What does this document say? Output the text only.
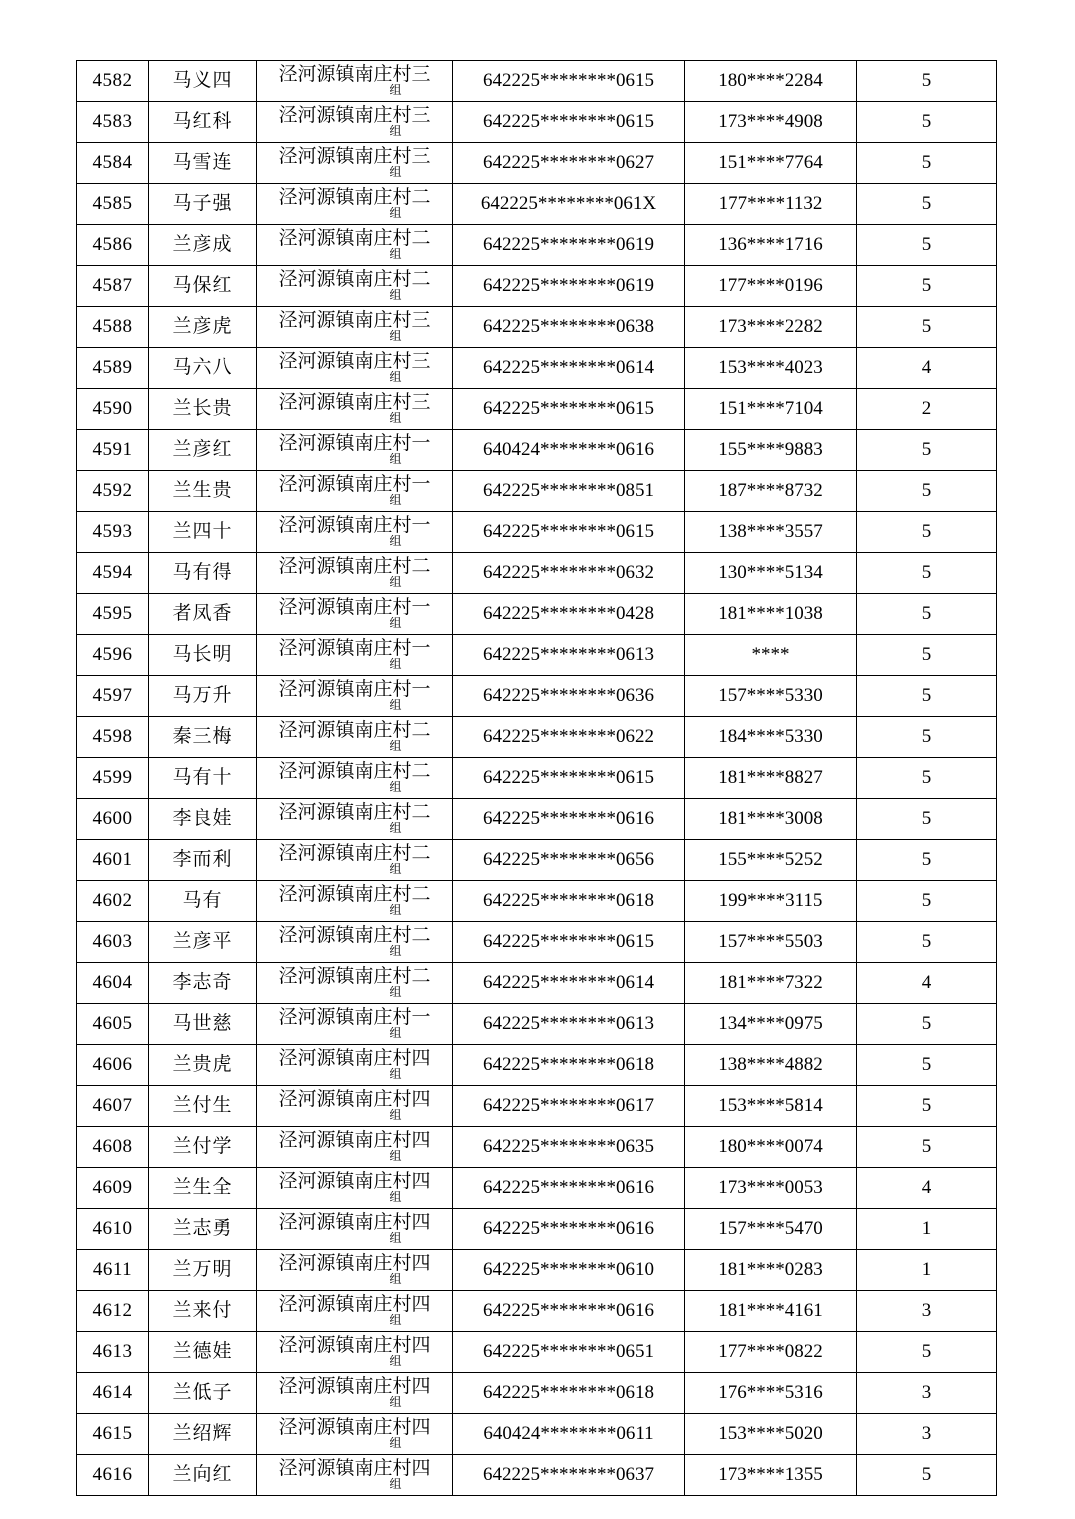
4582	马义四	泾河源镇南庄村三
组	642225********0615	180****2284	5
4583	马红科	泾河源镇南庄村三
组	642225********0615	173****4908	5
4584	马雪连	泾河源镇南庄村三
组	642225********0627	151****7764	5
4585	马子强	泾河源镇南庄村二
组	642225********061X	177****1132	5
4586	兰彦成	泾河源镇南庄村二
组	642225********0619	136****1716	5
4587	马保红	泾河源镇南庄村二
组	642225********0619	177****0196	5
4588	兰彦虎	泾河源镇南庄村三
组	642225********0638	173****2282	5
4589	马六八	泾河源镇南庄村三
组	642225********0614	153****4023	4
4590	兰长贵	泾河源镇南庄村三
组	642225********0615	151****7104	2
4591	兰彦红	泾河源镇南庄村一
组	640424********0616	155****9883	5
4592	兰生贵	泾河源镇南庄村一
组	642225********0851	187****8732	5
4593	兰四十	泾河源镇南庄村一
组	642225********0615	138****3557	5
4594	马有得	泾河源镇南庄村二
组	642225********0632	130****5134	5
4595	者凤香	泾河源镇南庄村一
组	642225********0428	181****1038	5
4596	马长明	泾河源镇南庄村一
组	642225********0613	****	5
4597	马万升	泾河源镇南庄村一
组	642225********0636	157****5330	5
4598	秦三梅	泾河源镇南庄村二
组	642225********0622	184****5330	5
4599	马有十	泾河源镇南庄村二
组	642225********0615	181****8827	5
4600	李良娃	泾河源镇南庄村二
组	642225********0616	181****3008	5
4601	李而利	泾河源镇南庄村二
组	642225********0656	155****5252	5
4602	马有	泾河源镇南庄村二
组	642225********0618	199****3115	5
4603	兰彦平	泾河源镇南庄村二
组	642225********0615	157****5503	5
4604	李志奇	泾河源镇南庄村二
组	642225********0614	181****7322	4
4605	马世慈	泾河源镇南庄村一
组	642225********0613	134****0975	5
4606	兰贵虎	泾河源镇南庄村四
组	642225********0618	138****4882	5
4607	兰付生	泾河源镇南庄村四
组	642225********0617	153****5814	5
4608	兰付学	泾河源镇南庄村四
组	642225********0635	180****0074	5
4609	兰生全	泾河源镇南庄村四
组	642225********0616	173****0053	4
4610	兰志勇	泾河源镇南庄村四
组	642225********0616	157****5470	1
4611	兰万明	泾河源镇南庄村四
组	642225********0610	181****0283	1
4612	兰来付	泾河源镇南庄村四
组	642225********0616	181****4161	3
4613	兰德娃	泾河源镇南庄村四
组	642225********0651	177****0822	5
4614	兰低子	泾河源镇南庄村四
组	642225********0618	176****5316	3
4615	兰绍辉	泾河源镇南庄村四
组	640424********0611	153****5020	3
4616	兰向红	泾河源镇南庄村四
组	642225********0637	173****1355	5
